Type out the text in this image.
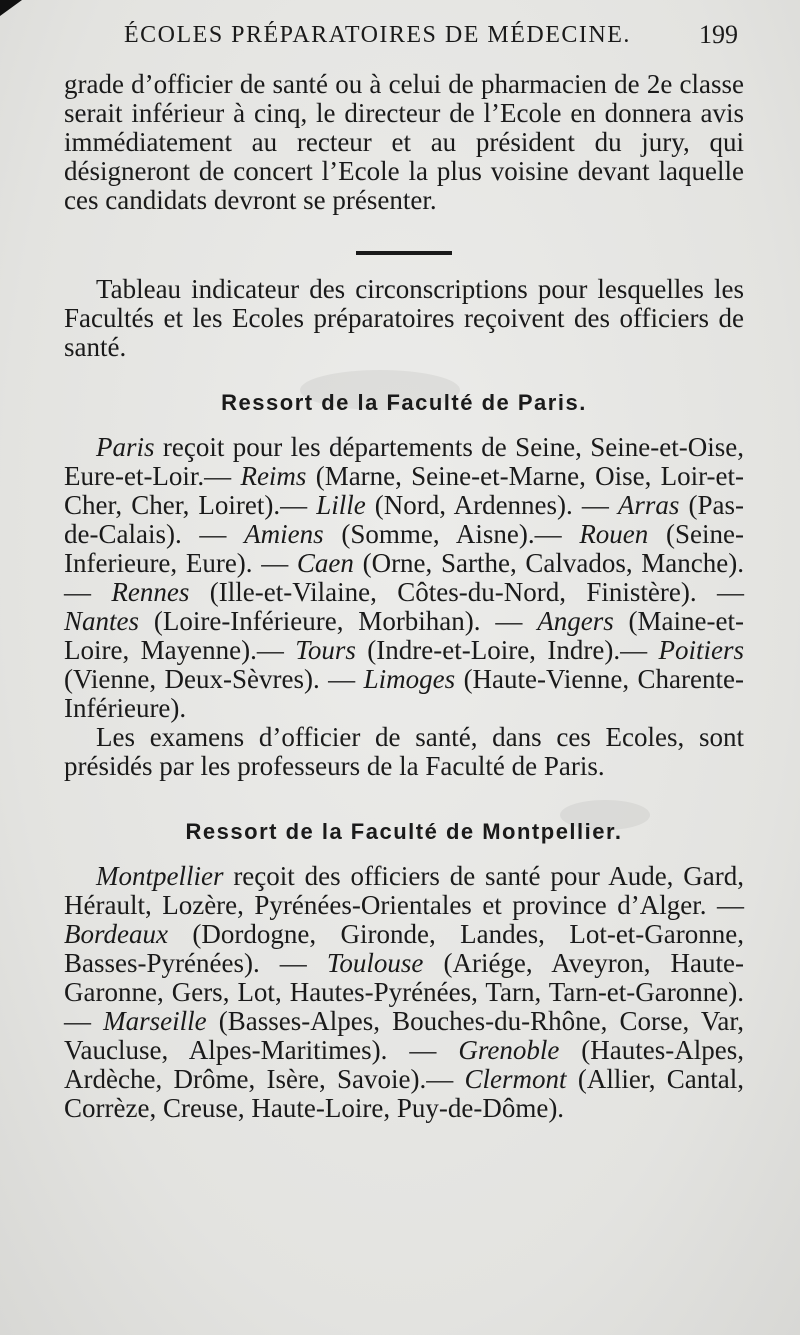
ÉCOLES PRÉPARATOIRES DE MÉDECINE.	199

grade d’officier de santé ou à celui de pharmacien de 2e classe serait inférieur à cinq, le directeur de l’Ecole en donnera avis immédiatement au recteur et au président du jury, qui désigneront de concert l’Ecole la plus voisine devant laquelle ces candidats devront se présenter.

Tableau indicateur des circonscriptions pour lesquelles les Facultés et les Ecoles préparatoires reçoivent des officiers de santé.

Ressort de la Faculté de Paris.

Paris reçoit pour les départements de Seine, Seine-et-Oise, Eure-et-Loir.— Reims (Marne, Seine-et-Marne, Oise, Loir-et-Cher, Cher, Loiret).— Lille (Nord, Ardennes). — Arras (Pas-de-Calais). — Amiens (Somme, Aisne).— Rouen (Seine-Inferieure, Eure). — Caen (Orne, Sarthe, Calvados, Manche). — Rennes (Ille-et-Vilaine, Côtes-du-Nord, Finistère). — Nantes (Loire-Inférieure, Morbihan). — Angers (Maine-et-Loire, Mayenne).— Tours (Indre-et-Loire, Indre).— Poitiers (Vienne, Deux-Sèvres). — Limoges (Haute-Vienne, Charente-Inférieure).

Les examens d’officier de santé, dans ces Ecoles, sont présidés par les professeurs de la Faculté de Paris.

Ressort de la Faculté de Montpellier.

Montpellier reçoit des officiers de santé pour Aude, Gard, Hérault, Lozère, Pyrénées-Orientales et province d’Alger. — Bordeaux (Dordogne, Gironde, Landes, Lot-et-Garonne, Basses-Pyrénées). — Toulouse (Ariége, Aveyron, Haute-Garonne, Gers, Lot, Hautes-Pyrénées, Tarn, Tarn-et-Garonne). — Marseille (Basses-Alpes, Bouches-du-Rhône, Corse, Var, Vaucluse, Alpes-Maritimes). — Grenoble (Hautes-Alpes, Ardèche, Drôme, Isère, Savoie).— Clermont (Allier, Cantal, Corrèze, Creuse, Haute-Loire, Puy-de-Dôme).
